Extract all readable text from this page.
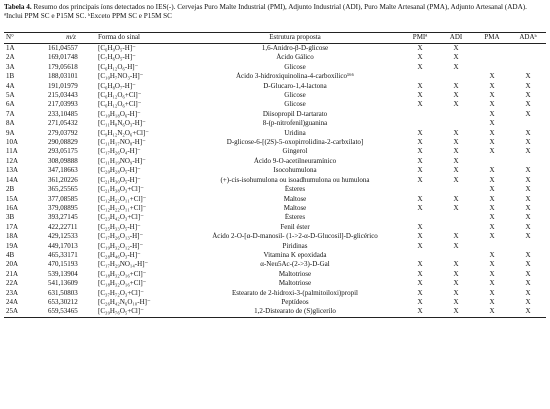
Tabela 4. Resumo dos principais íons detectados no IES(-). Cervejas Puro Malte Industrial (PMI), Adjunto Industrial (ADI), Puro Malte Artesanal (PMA), Adjunto Artesanal (ADA). ªInclui PPM SC e P15M SC. ᵇExceto PPM SC e P15M SC
N°	m/z	Forma do sinal	Estrutura proposta	PMIª	ADI	PMA	ADAᵇ
1A	161,04557	[C₆H₉O₅-H]⁻	1,6-Anidro-β-D-glicose	X	X		
2A	169,01748	[C₇H₆O₅-H]⁻	Ácido Gálico	X	X		
3A	179,05618	[C₆H₁₂O₆-H]⁻	Glicose	X	X		
1B	188,03101	[C₁₀H₇NO₃-H]⁻	Ácido 3-hidroxiquinolina-4-carboxílico¹⁶⁶			X	X
4A	191,01979	[C₆H₈O₇-H]⁻	D-Glucaro-1,4-lactona	X	X	X	X
5A	215,03443	[C₆H₁₂O₆+Cl]⁻	Glicose	X	X	X	X
6A	217,03993	[C₆H₁₂O₆+Cl]⁻	Glicose	X	X	X	X
7A	233,10485	[C₁₀H₁₈O₆-H]⁻	Diisopropil D-tartarato			X	X
8A	271,05432	[C₁₁H₈N₆O₃-H]⁻	8-(p-nitrofenil)guanina			X	
9A	279,03792	[C₉H₁₂N₂O₆+Cl]⁻	Uridina	X	X	X	X
10A	290,08829	[C₁₁H₁₇NO₈-H]⁻	D-glicose-6-[(2S)-5-oxopirrolidina-2-carbxilato]	X	X	X	X
11A	293,05175	[C₁₇H₂₆O₄-H]⁻	Gingerol	X	X	X	X
12A	308,09888	[C₁₁H₁₉NO₉-H]⁻	Ácido 9-O-acetilneuramínico	X	X		
13A	347,18663	[C₂₀H₂₈O₅-H]⁻	Isocohumulona	X	X	X	X
14A	361,20226	[C₂₁H₃₀O₅-H]⁻	(+)-cis-isohumulona ou isoadhumulona ou humulona	X	X	X	X
2B	365,25565	[C₂₁H₃₈O₃+Cl]⁻	Ésteres			X	X
15A	377,08585	[C₁₂H₂₂O₁₁+Cl]⁻	Maltose	X	X	X	X
16A	379,08895	[C₁₂H₂₂O₁₁+Cl]⁻	Maltose	X	X	X	X
3B	393,27145	[C₂₃H₄₂O₃+Cl]⁻	Ésteres			X	X
17A	422,22711	[C₂₅H₃₃O₅-H]⁻	Fenil éster	X		X	X
18A	429,12533	[C₁₇H₂₆O₁₃-H]⁻	Ácido 2-O-[α-D-manosil- (1->2-α-D-Glucosil]-D-glicérico	X	X	X	X
19A	449,17013	[C₁₉H₃₂O₁₂-H]⁻	Piridinas	X	X		
4B	465,33171	[C₂₈H₄₆O₃-H]⁻	Vitamina K epoxidada			X	X
20A	470,15193	[C₁₇H₂₉NO₁₄-H]⁻	α-Neu5Ac-(2->3)-D-Gal	X	X	X	X
21A	539,13904	[C₁₈H₃₂O₁₆+Cl]⁻	Maltotriose	X	X	X	X
22A	541,13609	[C₁₈H₃₂O₁₆+Cl]⁻	Maltotriose	X	X	X	X
23A	631,50803	[C₃₇H₇₂O₃+Cl]⁻	Estearato de 2-hidroxi-3-(palmitoiloxi)propil	X	X	X	X
24A	653,30212	[C₂₆H₄₂N₆O₁₀-H]⁻	Peptídeos	X	X	X	X
25A	659,53465	[C₃₉H₇₆O₅+Cl]⁻	1,2-Distearato de (S)glicerilo	X	X	X	X
